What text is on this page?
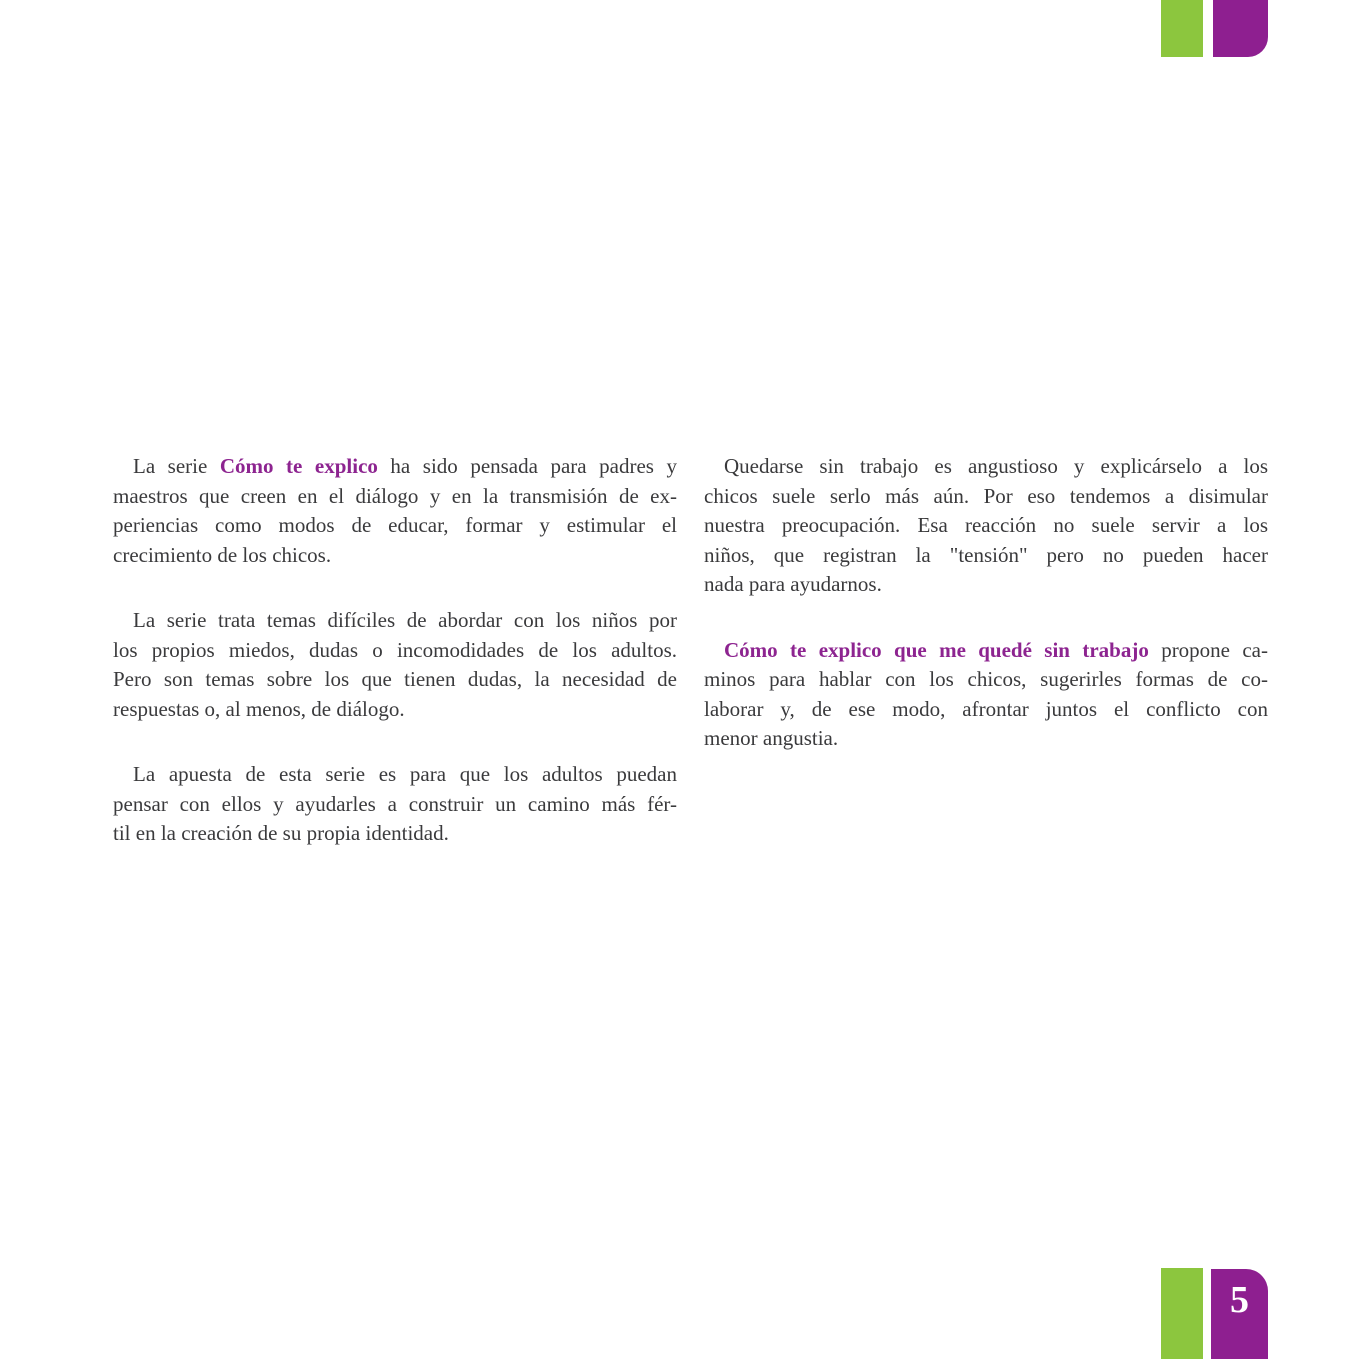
La serie Cómo te explico ha sido pensada para padres y
maestros que creen en el diálogo y en la transmisión de ex-
periencias como modos de educar, formar y estimular el
crecimiento de los chicos.
La serie trata temas difíciles de abordar con los niños por
los propios miedos, dudas o incomodidades de los adultos.
Pero son temas sobre los que tienen dudas, la necesidad de
respuestas o, al menos, de diálogo.
La apuesta de esta serie es para que los adultos puedan
pensar con ellos y ayudarles a construir un camino más fér-
til en la creación de su propia identidad.
Quedarse sin trabajo es angustioso y explicárselo a los
chicos suele serlo más aún. Por eso tendemos a disimular
nuestra preocupación. Esa reacción no suele servir a los
niños, que registran la "tensión" pero no pueden hacer
nada para ayudarnos.
Cómo te explico que me quedé sin trabajo propone ca-
minos para hablar con los chicos, sugerirles formas de co-
laborar y, de ese modo, afrontar juntos el conflicto con
menor angustia.
5
